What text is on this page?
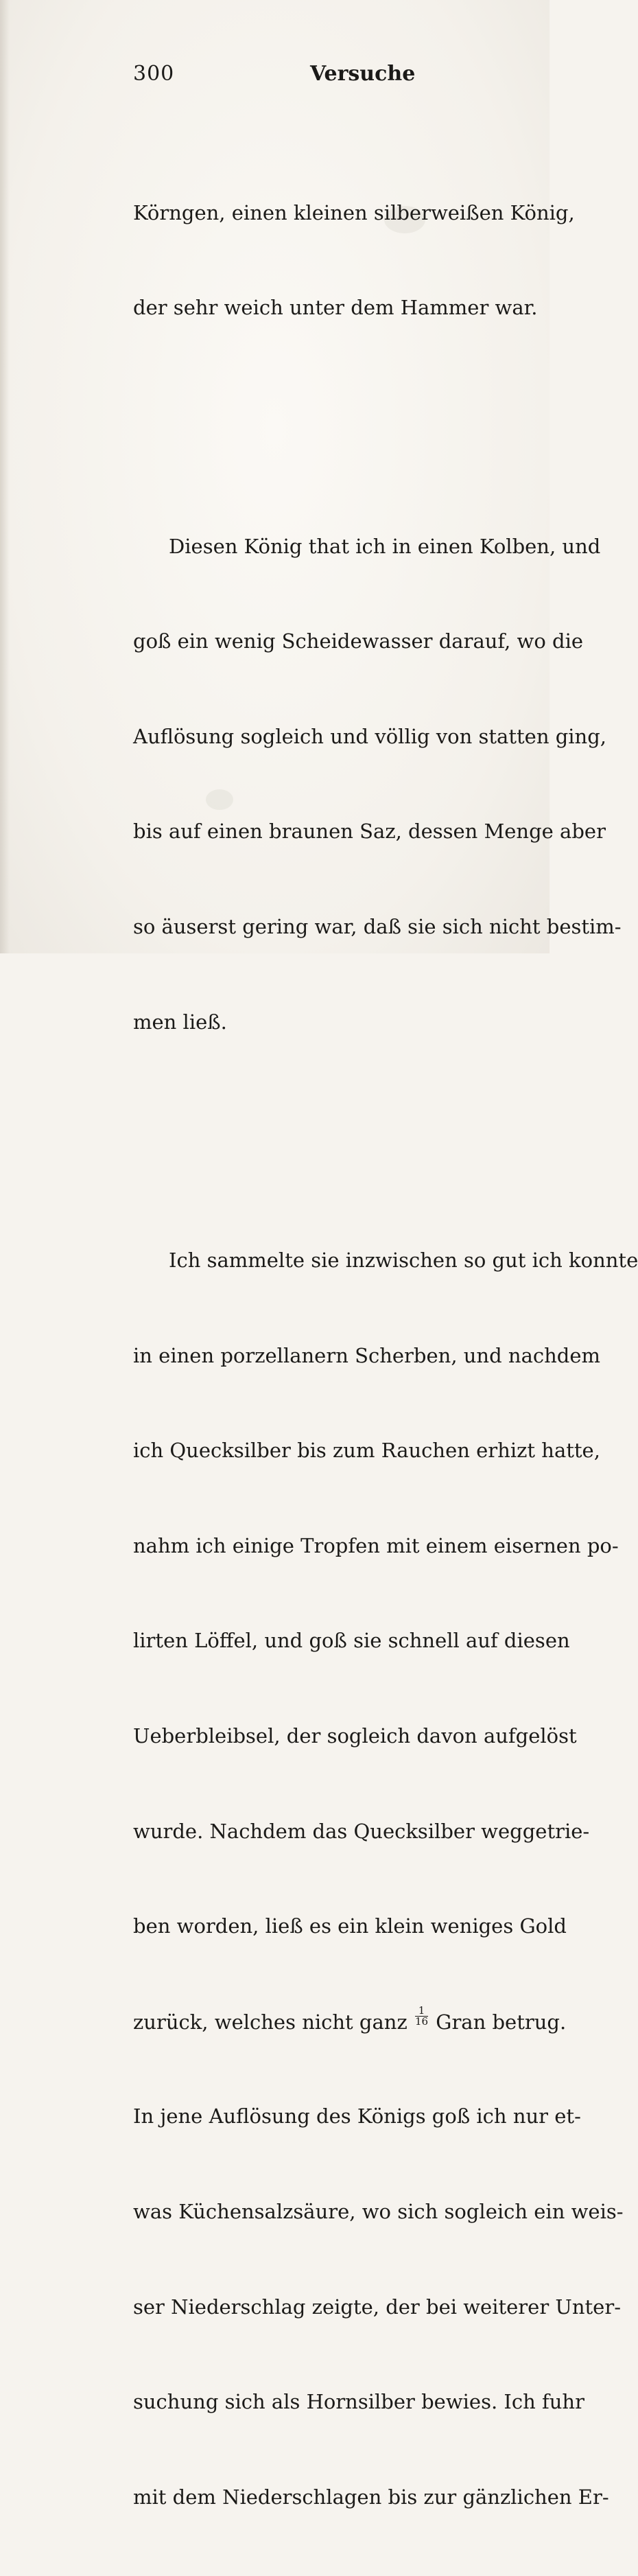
300	Versuche

Körngen, einen kleinen silberweißen König,

der sehr weich unter dem Hammer war.

Diesen König that ich in einen Kolben, und

goß ein wenig Scheidewasser darauf, wo die

Auflösung sogleich und völlig von statten ging,

bis auf einen braunen Saz, dessen Menge aber

so äuserst gering war, daß sie sich nicht bestim-

men ließ.

Ich sammelte sie inzwischen so gut ich konnte

in einen porzellanern Scherben, und nachdem

ich Quecksilber bis zum Rauchen erhizt hatte,

nahm ich einige Tropfen mit einem eisernen po-

lirten Löffel, und goß sie schnell auf diesen

Ueberbleibsel, der sogleich davon aufgelöst

wurde. Nachdem das Quecksilber weggetrie-

ben worden, ließ es ein klein weniges Gold

zurück, welches nicht ganz $\frac{1}{16}$ Gran betrug.

In jene Auflösung des Königs goß ich nur et-

was Küchensalzsäure, wo sich sogleich ein weis-

ser Niederschlag zeigte, der bei weiterer Unter-

suchung sich als Hornsilber bewies. Ich fuhr

mit dem Niederschlagen bis zur gänzlichen Er-
